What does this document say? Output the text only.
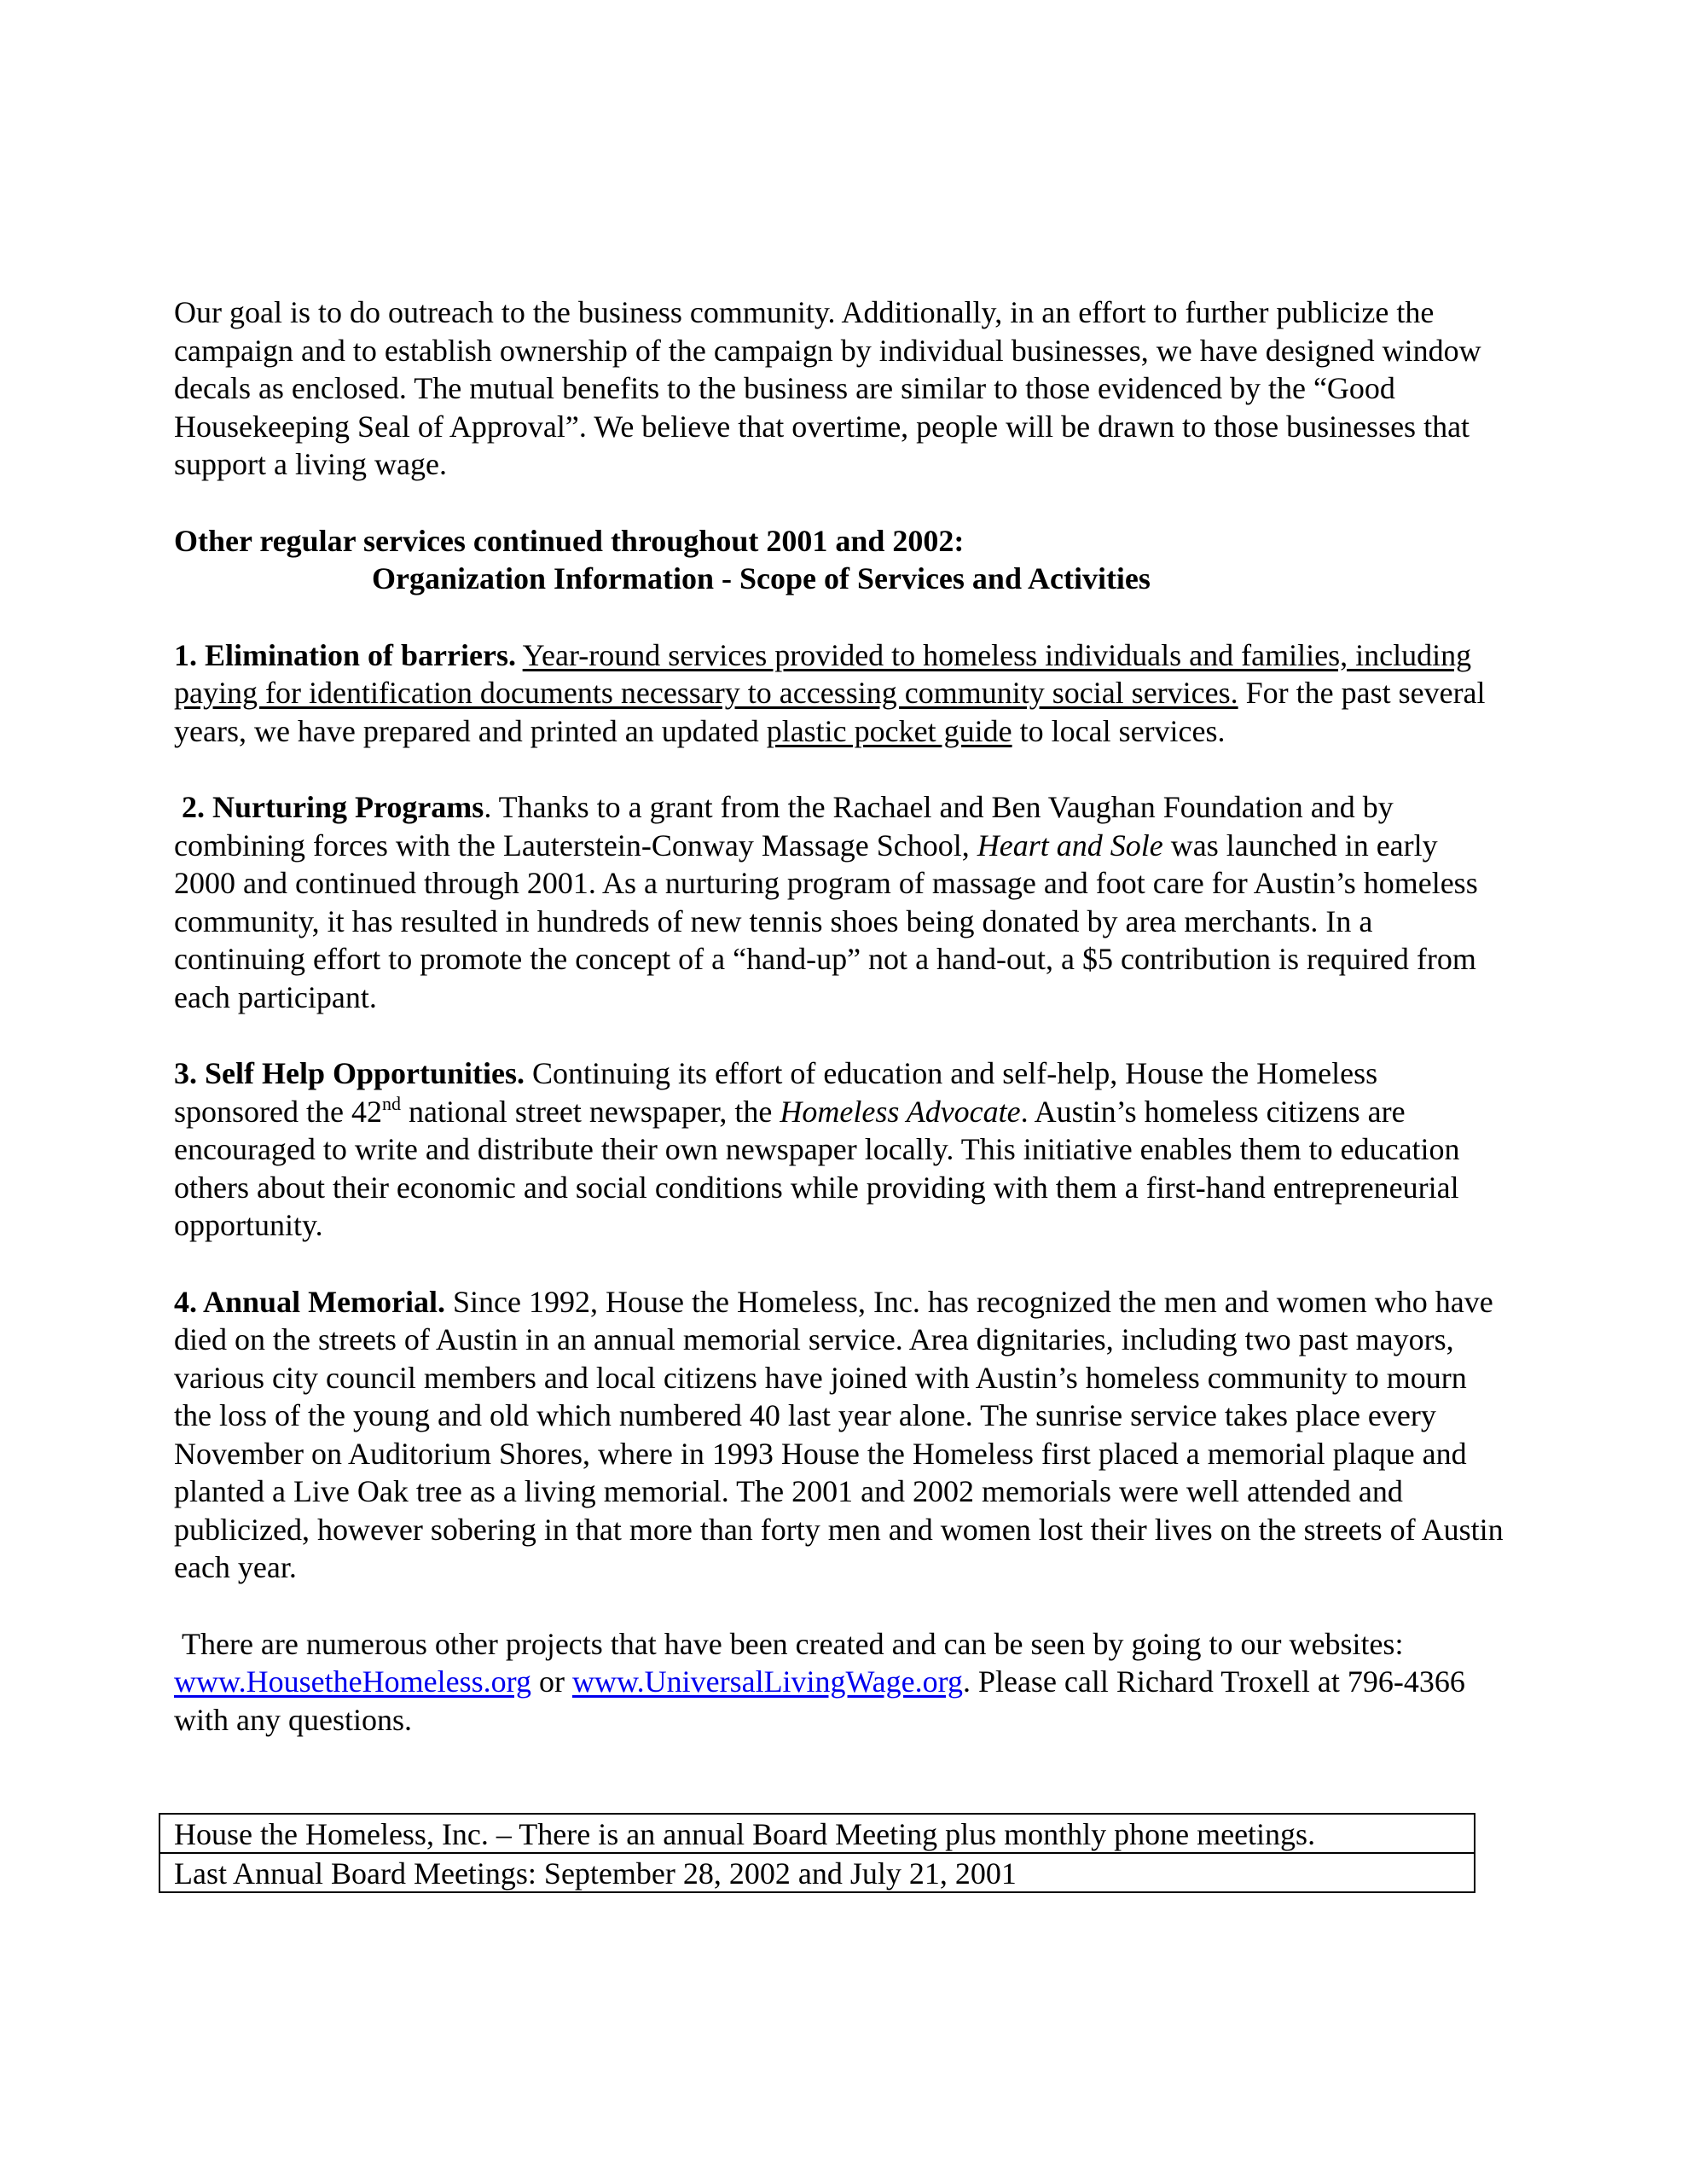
Our goal is to do outreach to the business community. Additionally, in an effort to further publicize the campaign and to establish ownership of the campaign by individual businesses, we have designed window decals as enclosed. The mutual benefits to the business are similar to those evidenced by the “Good Housekeeping Seal of Approval”. We believe that overtime, people will be drawn to those businesses that support a living wage.

Other regular services continued throughout 2001 and 2002:

Organization Information - Scope of Services and Activities

1. Elimination of barriers. Year-round services provided to homeless individuals and families, including paying for identification documents necessary to accessing community social services. For the past several years, we have prepared and printed an updated plastic pocket guide to local services.

2. Nurturing Programs. Thanks to a grant from the Rachael and Ben Vaughan Foundation and by combining forces with the Lauterstein-Conway Massage School, Heart and Sole was launched in early 2000 and continued through 2001. As a nurturing program of massage and foot care for Austin’s homeless community, it has resulted in hundreds of new tennis shoes being donated by area merchants. In a continuing effort to promote the concept of a “hand-up” not a hand-out, a $5 contribution is required from each participant.

3. Self Help Opportunities. Continuing its effort of education and self-help, House the Homeless sponsored the 42nd national street newspaper, the Homeless Advocate. Austin’s homeless citizens are encouraged to write and distribute their own newspaper locally. This initiative enables them to education others about their economic and social conditions while providing with them a first-hand entrepreneurial opportunity.

4. Annual Memorial. Since 1992, House the Homeless, Inc. has recognized the men and women who have died on the streets of Austin in an annual memorial service. Area dignitaries, including two past mayors, various city council members and local citizens have joined with Austin’s homeless community to mourn the loss of the young and old which numbered 40 last year alone. The sunrise service takes place every November on Auditorium Shores, where in 1993 House the Homeless first placed a memorial plaque and planted a Live Oak tree as a living memorial. The 2001 and 2002 memorials were well attended and publicized, however sobering in that more than forty men and women lost their lives on the streets of Austin each year.

There are numerous other projects that have been created and can be seen by going to our websites: www.HousetheHomeless.org or www.UniversalLivingWage.org. Please call Richard Troxell at 796-4366 with any questions.

House the Homeless, Inc. – There is an annual Board Meeting plus monthly phone meetings.
Last Annual Board Meetings: September 28, 2002 and July 21, 2001
